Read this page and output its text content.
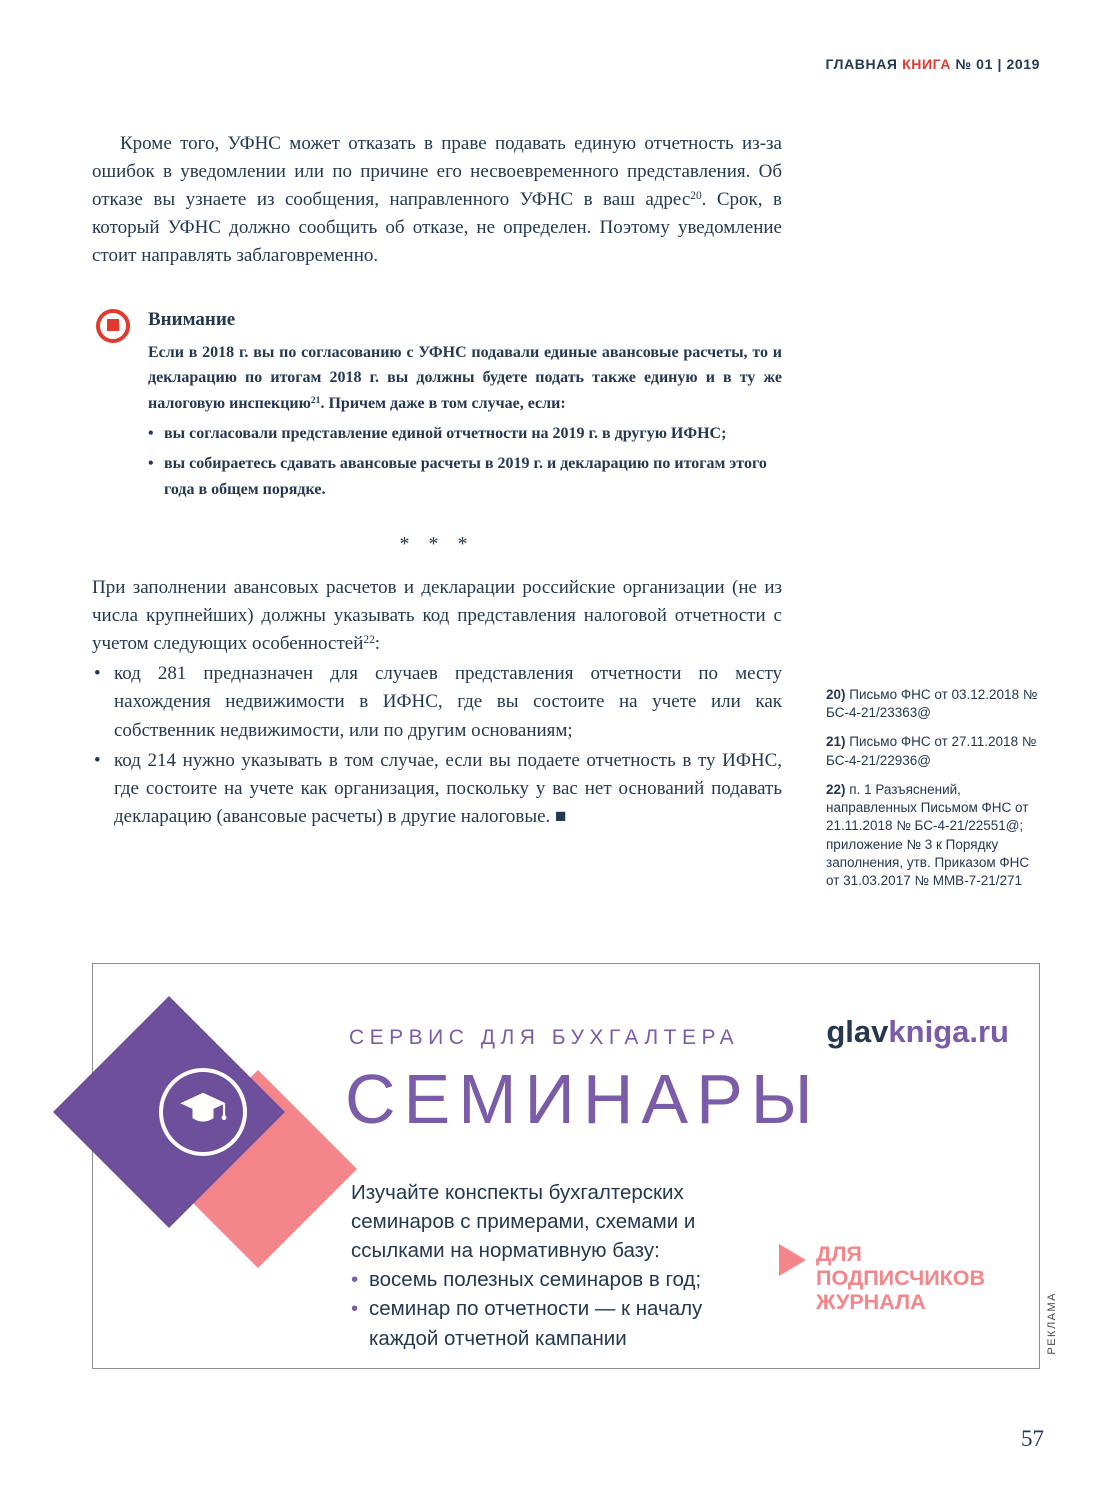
ГЛАВНАЯ КНИГА № 01 | 2019

Кроме того, УФНС может отказать в праве подавать единую отчетность из-за ошибок в уведомлении или по причине его несвоевременного представления. Об отказе вы узнаете из сообщения, направленного УФНС в ваш адрес$^{20}$. Срок, в который УФНС должно сообщить об отказе, не определен. Поэтому уведомление стоит направлять заблаговременно.

Внимание

Если в 2018 г. вы по согласованию с УФНС подавали единые авансовые расчеты, то и декларацию по итогам 2018 г. вы должны будете подать также единую и в ту же налоговую инспекцию$^{21}$. Причем даже в том случае, если:

• вы согласовали представление единой отчетности на 2019 г. в другую ИФНС;
• вы собираетесь сдавать авансовые расчеты в 2019 г. и декларацию по итогам этого года в общем порядке.
* * *

При заполнении авансовых расчетов и декларации российские организации (не из числа крупнейших) должны указывать код представления налоговой отчетности с учетом следующих особенностей$^{22}$:

• код 281 предназначен для случаев представления отчетности по месту нахождения недвижимости в ИФНС, где вы состоите на учете или как собственник недвижимости, или по другим основаниям;
• код 214 нужно указывать в том случае, если вы подаете отчетность в ту ИФНС, где состоите на учете как организация, поскольку у вас нет оснований подавать декларацию (авансовые расчеты) в другие налоговые. ■

20) Письмо ФНС от 03.12.2018 № БС-4-21/23363@

21) Письмо ФНС от 27.11.2018 № БС-4-21/22936@

22) п. 1 Разъяснений, направленных Письмом ФНС от 21.11.2018 № БС-4-21/22551@; приложение № 3 к Порядку заполнения, утв. Приказом ФНС от 31.03.2017 № ММВ-7-21/271

СЕРВИС ДЛЯ БУХГАЛТЕРА	glavkniga.ru
СЕМИНАРЫ

Изучайте конспекты бухгалтерских семинаров с примерами, схемами и ссылками на нормативную базу:

• восемь полезных семинаров в год;
• семинар по отчетности — к началу каждой отчетной кампании
ДЛЯ
ПОДПИСЧИКОВ
ЖУРНАЛА	РЕКЛАМА
57
